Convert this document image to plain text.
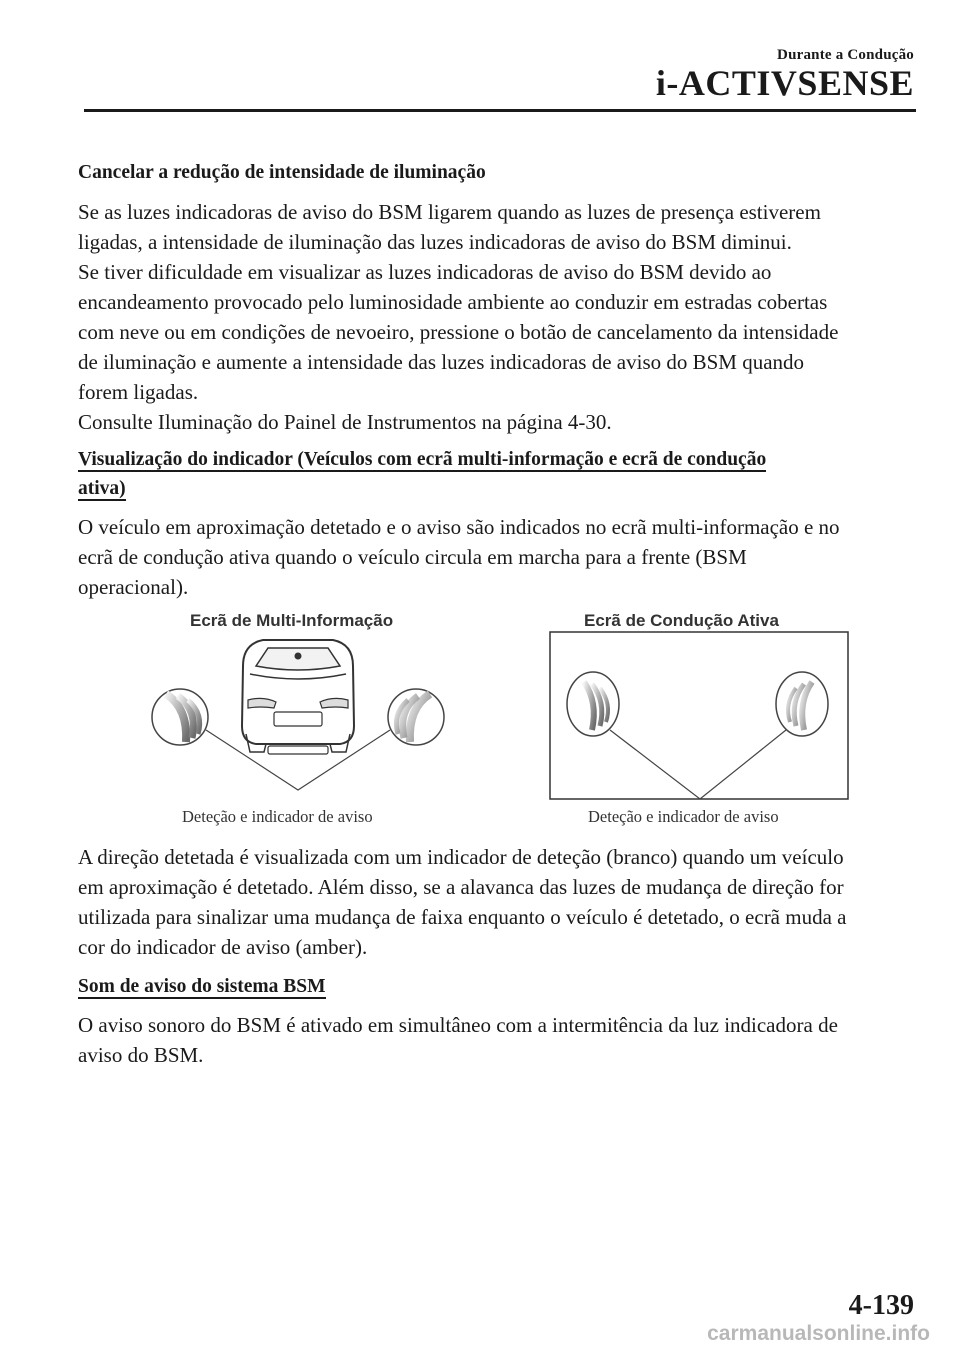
Durante a Condução
i-ACTIVSENSE
Cancelar a redução de intensidade de iluminação

Se as luzes indicadoras de aviso do BSM ligarem quando as luzes de presença estiverem
ligadas, a intensidade de iluminação das luzes indicadoras de aviso do BSM diminui.
Se tiver dificuldade em visualizar as luzes indicadoras de aviso do BSM devido ao
encandeamento provocado pelo luminosidade ambiente ao conduzir em estradas cobertas
com neve ou em condições de nevoeiro, pressione o botão de cancelamento da intensidade
de iluminação e aumente a intensidade das luzes indicadoras de aviso do BSM quando
forem ligadas.
Consulte Iluminação do Painel de Instrumentos na página 4-30.

Visualização do indicador (Veículos com ecrã multi-informação e ecrã de condução
ativa)

O veículo em aproximação detetado e o aviso são indicados no ecrã multi-informação e no
ecrã de condução ativa quando o veículo circula em marcha para a frente (BSM
operacional).

Ecrã de Multi-Informação	Ecrã de Condução Ativa
Deteção e indicador de aviso	Deteção e indicador de aviso

A direção detetada é visualizada com um indicador de deteção (branco) quando um veículo
em aproximação é detetado. Além disso, se a alavanca das luzes de mudança de direção for
utilizada para sinalizar uma mudança de faixa enquanto o veículo é detetado, o ecrã muda a
cor do indicador de aviso (amber).

Som de aviso do sistema BSM

O aviso sonoro do BSM é ativado em simultâneo com a intermitência da luz indicadora de
aviso do BSM.

4-139
carmanualsonline.info
